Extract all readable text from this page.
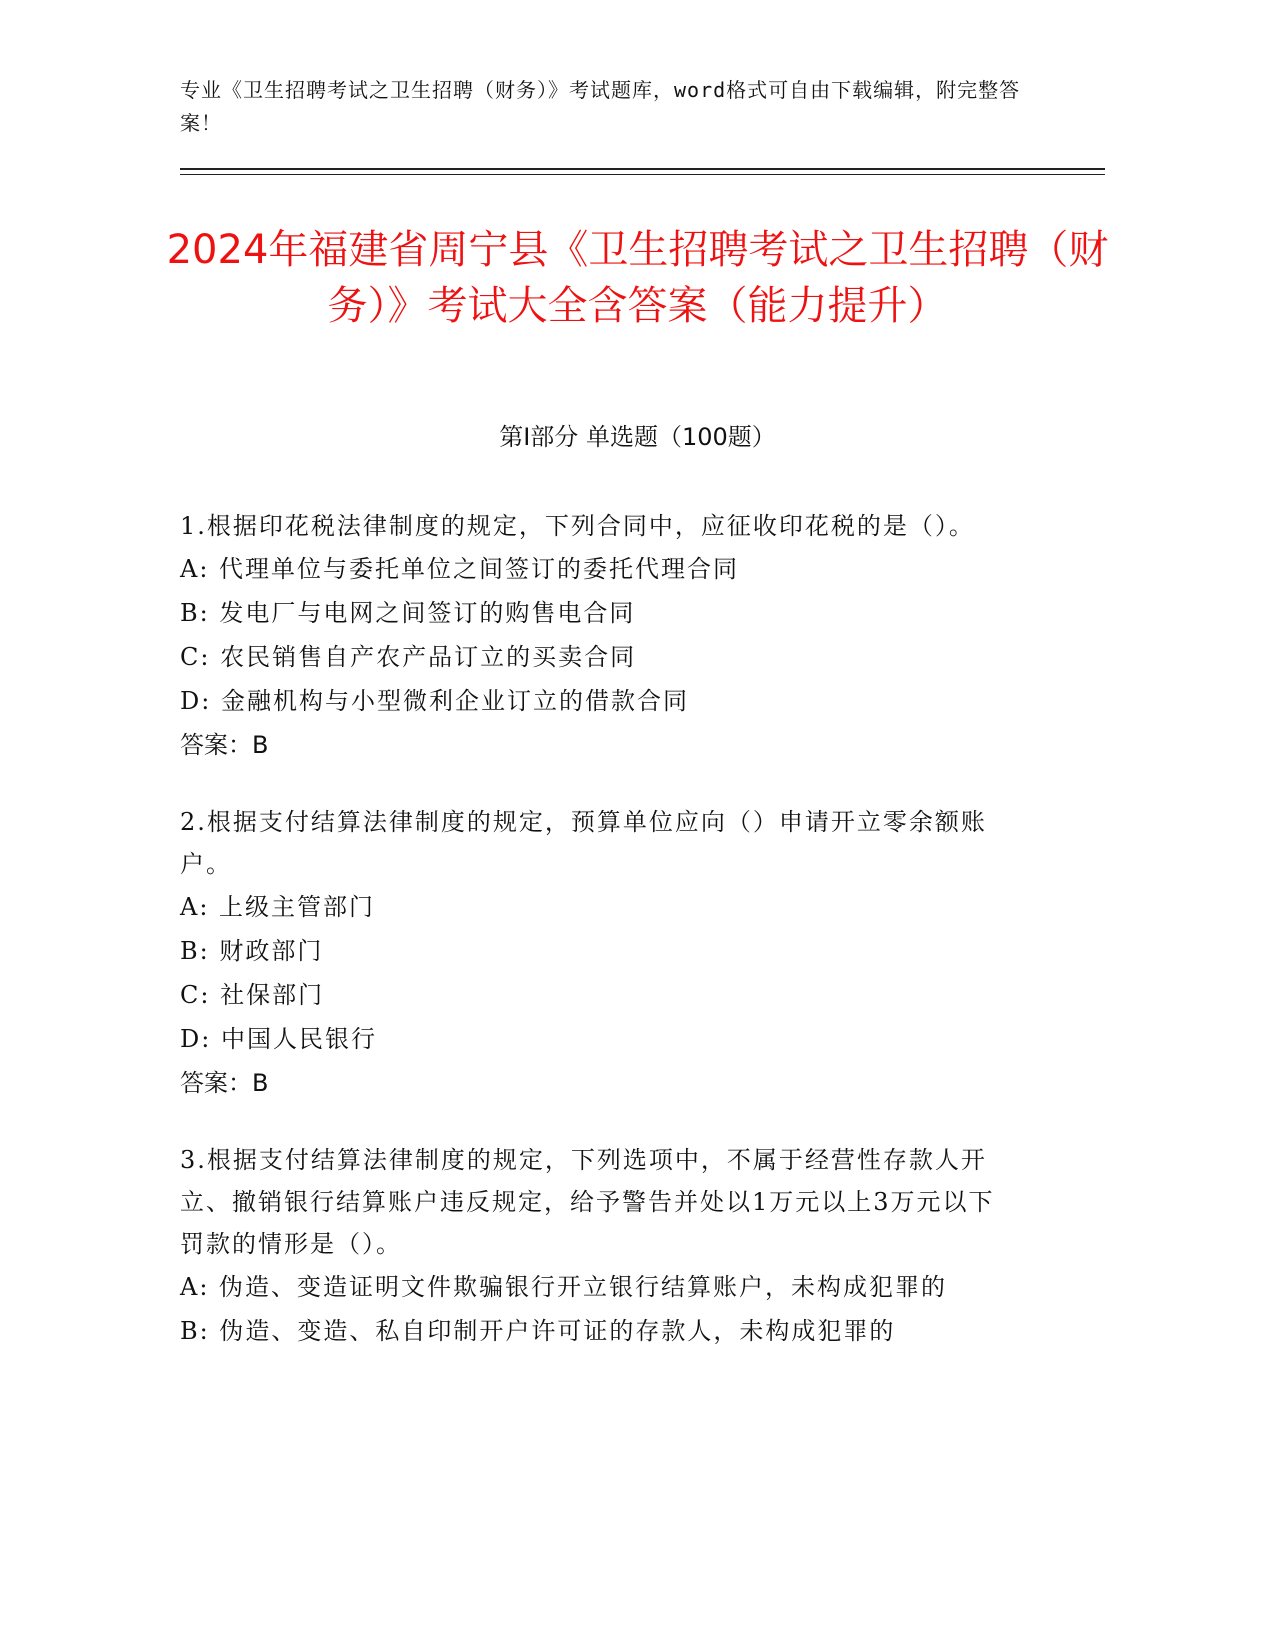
专业《卫生招聘考试之卫生招聘（财务）》考试题库，word格式可自由下载编辑，附完整答案！
2024年福建省周宁县《卫生招聘考试之卫生招聘（财务）》考试大全含答案（能力提升）
第I部分 单选题（100题）
1.根据印花税法律制度的规定，下列合同中，应征收印花税的是（）。
A: 代理单位与委托单位之间签订的委托代理合同
B: 发电厂与电网之间签订的购售电合同
C: 农民销售自产农产品订立的买卖合同
D: 金融机构与小型微利企业订立的借款合同
答案：B
2.根据支付结算法律制度的规定，预算单位应向（）申请开立零余额账户。
A: 上级主管部门
B: 财政部门
C: 社保部门
D: 中国人民银行
答案：B
3.根据支付结算法律制度的规定，下列选项中，不属于经营性存款人开立、撤销银行结算账户违反规定，给予警告并处以1万元以上3万元以下罚款的情形是（）。
A: 伪造、变造证明文件欺骗银行开立银行结算账户，未构成犯罪的
B: 伪造、变造、私自印制开户许可证的存款人，未构成犯罪的
